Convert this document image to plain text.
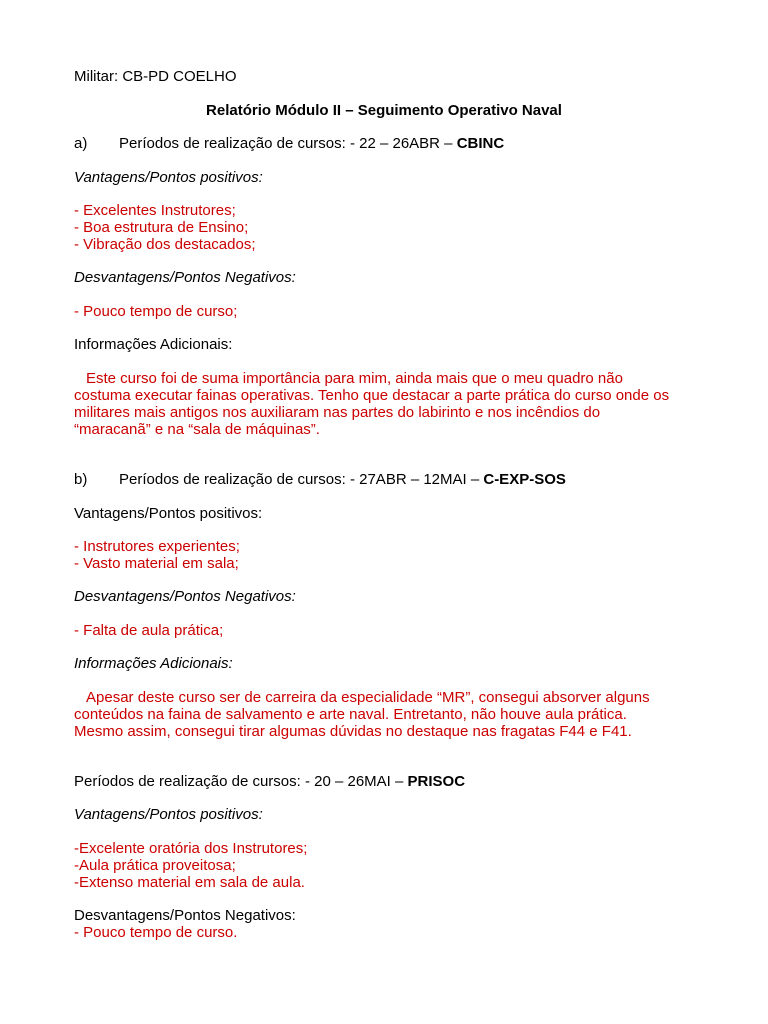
Militar: CB-PD COELHO

Relatório Módulo II – Seguimento Operativo Naval

a) Períodos de realização de cursos: - 22 – 26ABR – CBINC

Vantagens/Pontos positivos:

- Excelentes Instrutores;

- Boa estrutura de Ensino;

- Vibração dos destacados;

Desvantagens/Pontos Negativos:

- Pouco tempo de curso;

Informações Adicionais:

Este curso foi de suma importância para mim, ainda mais que o meu quadro não

costuma executar fainas operativas. Tenho que destacar a parte prática do curso onde os

militares mais antigos nos auxiliaram nas partes do labirinto e nos incêndios do

“maracanã” e na “sala de máquinas”.

b) Períodos de realização de cursos: - 27ABR – 12MAI – C-EXP-SOS

Vantagens/Pontos positivos:

- Instrutores experientes;

- Vasto material em sala;

Desvantagens/Pontos Negativos:

- Falta de aula prática;

Informações Adicionais:

Apesar deste curso ser de carreira da especialidade “MR”, consegui absorver alguns

conteúdos na faina de salvamento e arte naval. Entretanto, não houve aula prática.

Mesmo assim, consegui tirar algumas dúvidas no destaque nas fragatas F44 e F41.

Períodos de realização de cursos: - 20 – 26MAI – PRISOC

Vantagens/Pontos positivos:

-Excelente oratória dos Instrutores;

-Aula prática proveitosa;

-Extenso material em sala de aula.

Desvantagens/Pontos Negativos:

- Pouco tempo de curso.
